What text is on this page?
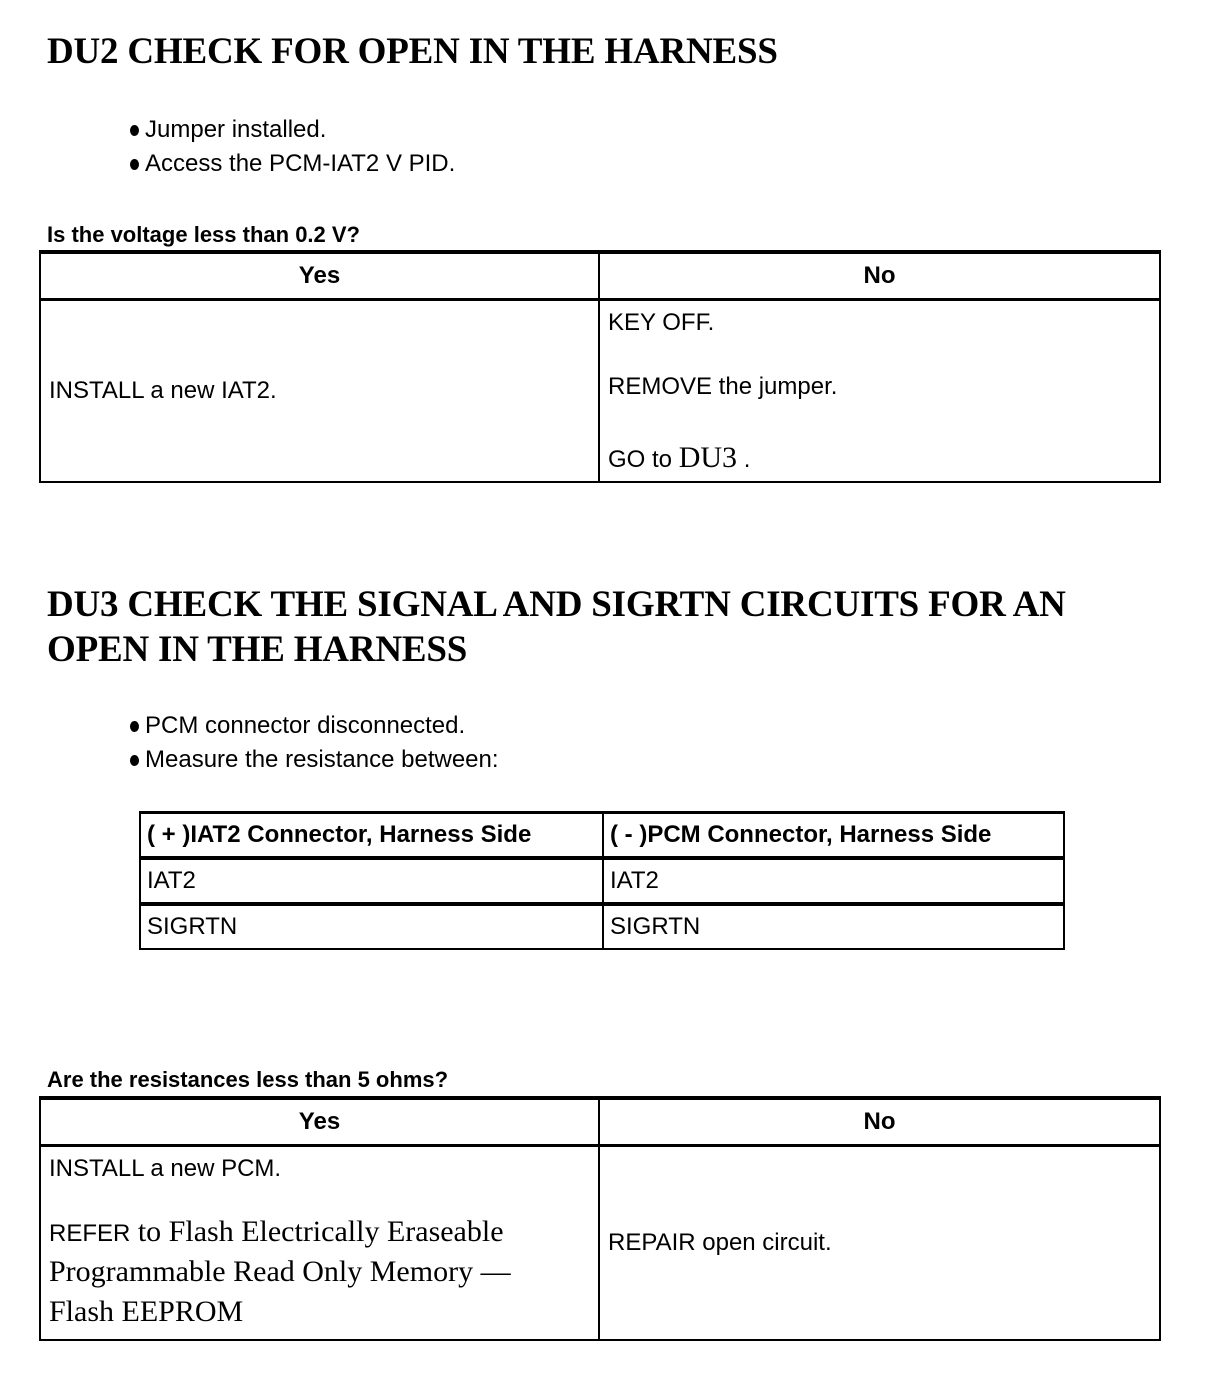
DU2 CHECK FOR OPEN IN THE HARNESS
Jumper installed.
Access the PCM-IAT2 V PID.

Is the voltage less than 0.2 V?

Yes	No
INSTALL a new IAT2.	KEY OFF.
REMOVE the jumper.
GO to DU3 .
DU3 CHECK THE SIGNAL AND SIGRTN CIRCUITS FOR AN
OPEN IN THE HARNESS
PCM connector disconnected.
Measure the resistance between:
( + )IAT2 Connector, Harness Side	( - )PCM Connector, Harness Side
IAT2	IAT2
SIGRTN	SIGRTN

Are the resistances less than 5 ohms?

Yes	No

INSTALL a new PCM.
REFER to Flash Electrically Eraseable Programmable Read Only Memory — Flash EEPROM	REPAIR open circuit.
